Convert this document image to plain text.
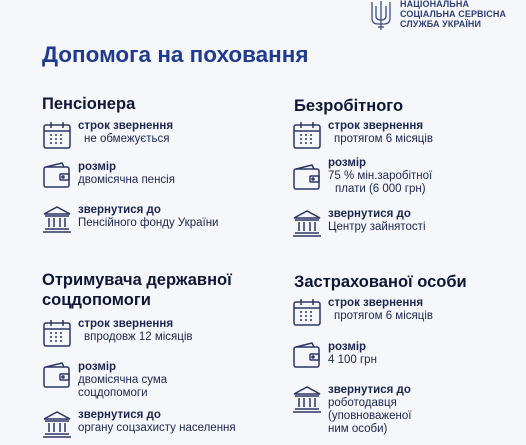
НАЦІОНАЛЬНА
СОЦІАЛЬНА СЕРВІСНА
СЛУЖБА УКРАЇНИ
Допомога на поховання
Пенсіонера
строк звернення
не обмежується
розмір
двомісячна пенсія
звернутися до
Пенсійного фонду України
Безробітного
строк звернення
протягом 6 місяців
розмір
75 % мін.заробітної
плати (6 000 грн)
звернутися до
Центру зайнятості
Отримувача державної
соцдопомоги
строк звернення
впродовж 12 місяців
розмір
двомісячна сума
соцдопомоги
звернутися до
органу соцзахисту населення
Застрахованої особи
строк звернення
протягом 6 місяців
розмір
4 100 грн
звернутися до
роботодавця
(уповноваженої
ним особи)
